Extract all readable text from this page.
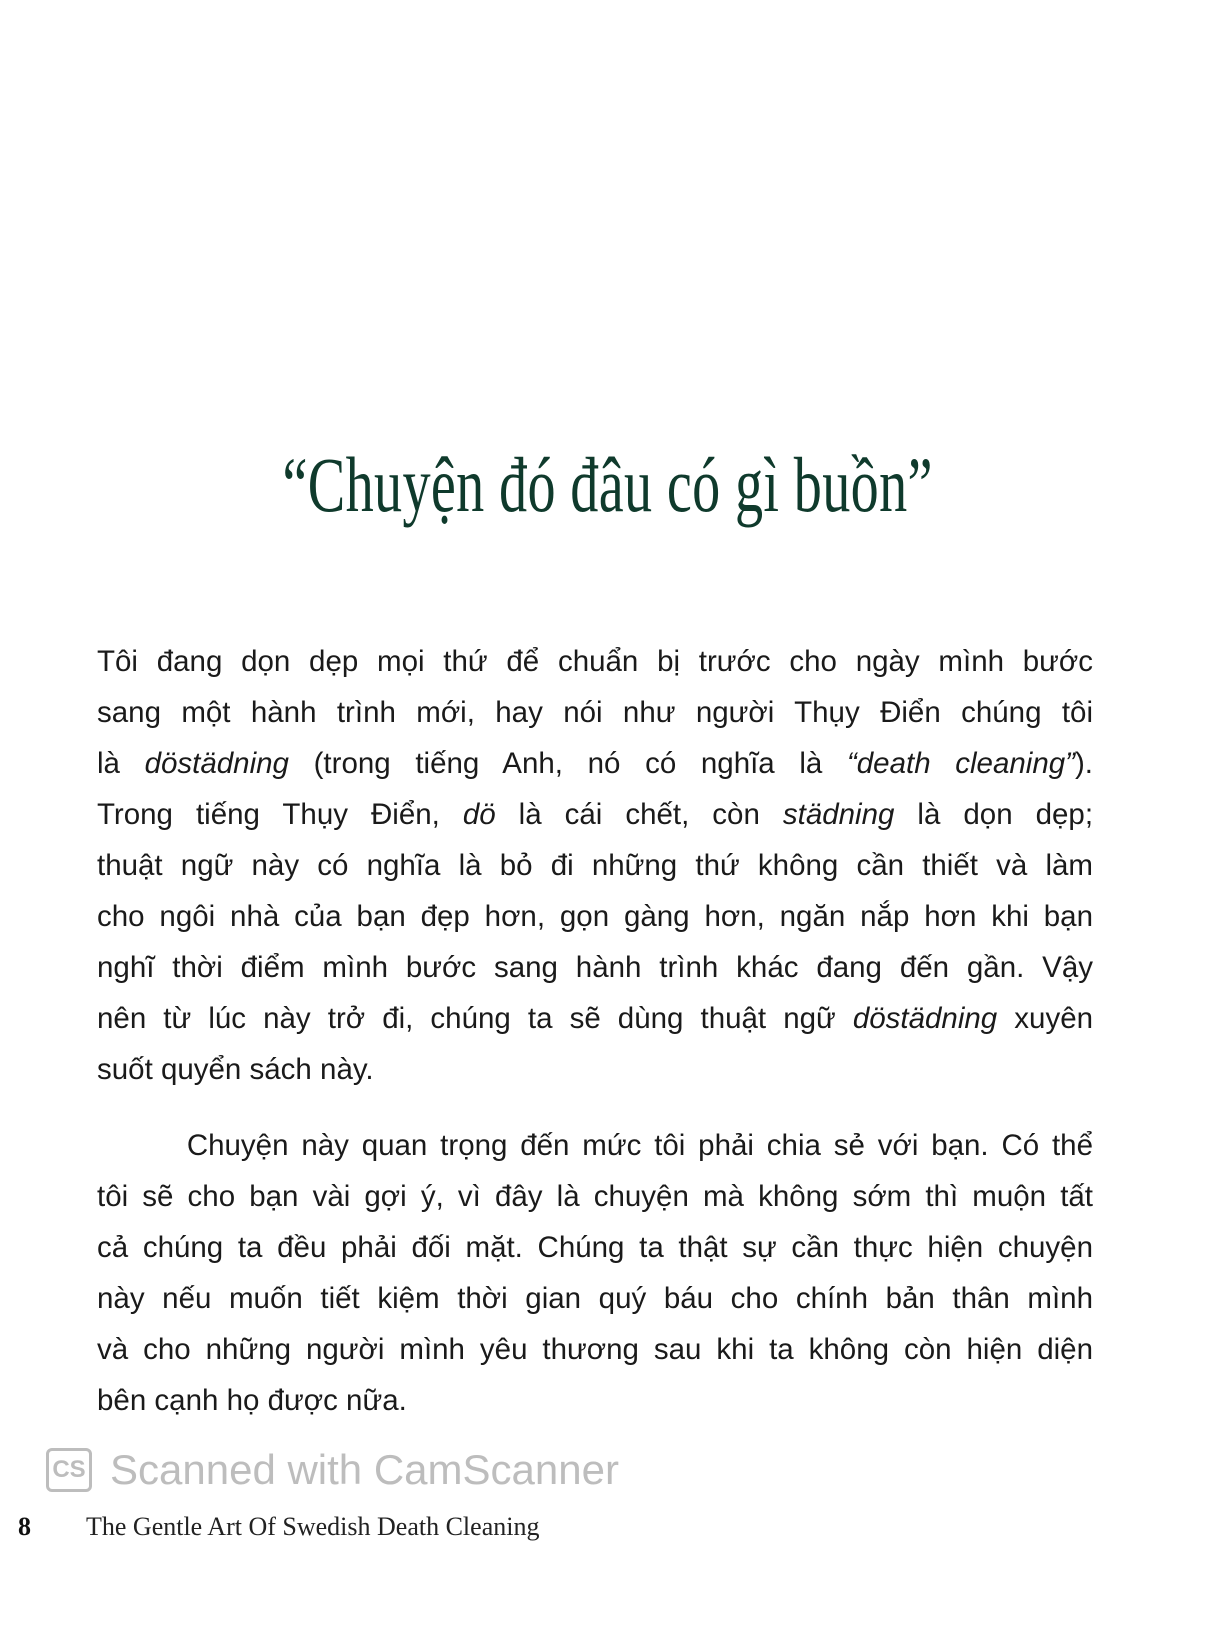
“Chuyện đó đâu có gì buồn”
Tôi đang dọn dẹp mọi thứ để chuẩn bị trước cho ngày mình bước
sang một hành trình mới, hay nói như người Thụy Điển chúng tôi
là döstädning (trong tiếng Anh, nó có nghĩa là “death cleaning”).
Trong tiếng Thụy Điển, dö là cái chết, còn städning là dọn dẹp;
thuật ngữ này có nghĩa là bỏ đi những thứ không cần thiết và làm
cho ngôi nhà của bạn đẹp hơn, gọn gàng hơn, ngăn nắp hơn khi bạn
nghĩ thời điểm mình bước sang hành trình khác đang đến gần. Vậy
nên từ lúc này trở đi, chúng ta sẽ dùng thuật ngữ döstädning xuyên
suốt quyển sách này.
Chuyện này quan trọng đến mức tôi phải chia sẻ với bạn. Có thể
tôi sẽ cho bạn vài gợi ý, vì đây là chuyện mà không sớm thì muộn tất
cả chúng ta đều phải đối mặt. Chúng ta thật sự cần thực hiện chuyện
này nếu muốn tiết kiệm thời gian quý báu cho chính bản thân mình
và cho những người mình yêu thương sau khi ta không còn hiện diện
bên cạnh họ được nữa.
CS Scanned with CamScanner
8 The Gentle Art Of Swedish Death Cleaning
